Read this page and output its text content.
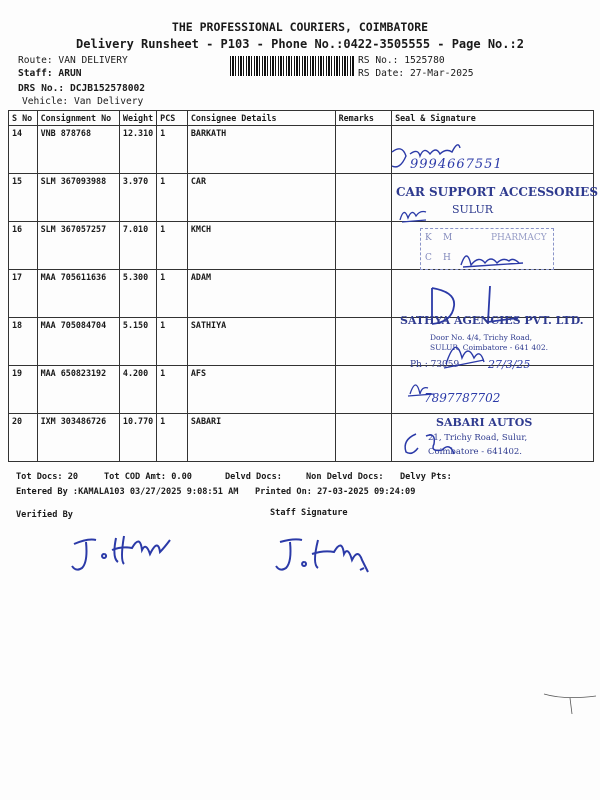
THE PROFESSIONAL COURIERS, COIMBATORE
Delivery Runsheet - P103 - Phone No.:0422-3505555 - Page No.:2
Route: VAN DELIVERY
Staff: ARUN
DRS No.: DCJB152578002
Vehicle: Van Delivery
RS No.: 1525780
RS Date: 27-Mar-2025
S No	Consignment No	Weight	PCS	Consignee Details	Remarks	Seal & Signature
14	VNB 878768	12.310	1	BARKATH		
15	SLM 367093988	3.970	1	CAR		
16	SLM 367057257	7.010	1	KMCH		
17	MAA 705611636	5.300	1	ADAM		
18	MAA 705084704	5.150	1	SATHIYA		
19	MAA 650823192	4.200	1	AFS		
20	IXM 303486726	10.770	1	SABARI		
9994667551
CAR SUPPORT ACCESSORIES
SULUR
K M
C H
PHARMACY
SATHYA AGENCIES PVT. LTD.
Door No. 4/4, Trichy Road,
SULUR, Coimbatore - 641 402.
Ph : 73059	27/3/25
7897787702
SABARI AUTOS
21, Trichy Road, Sulur,
Coimbatore - 641402.
Tot Docs: 20	Tot COD Amt: 0.00	Delvd Docs:	Non Delvd Docs: Delvy Pts:
Entered By :KAMALA103 03/27/2025 9:08:51 AM Printed On: 27-03-2025 09:24:09
Verified By	Staff Signature
